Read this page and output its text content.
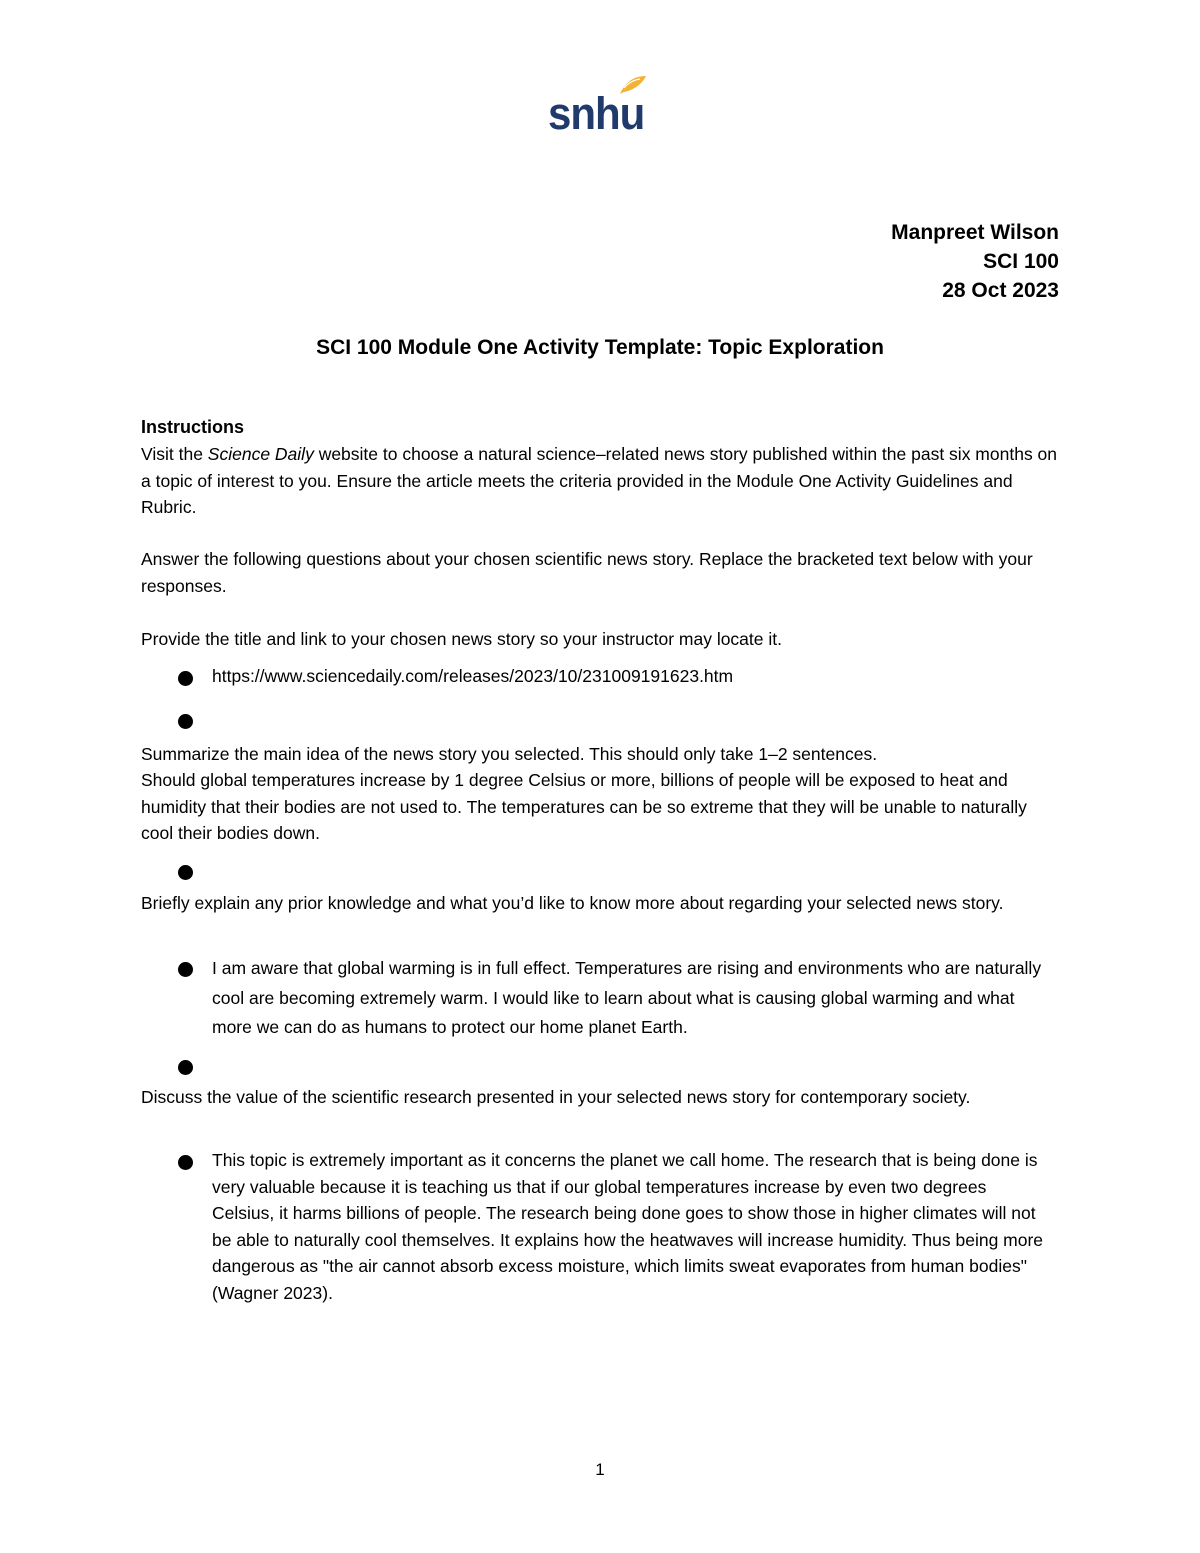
snhu
Manpreet Wilson
SCI 100
28 Oct 2023
SCI 100 Module One Activity Template: Topic Exploration
Instructions
Visit the Science Daily website to choose a natural science–related news story published within the past six months on a topic of interest to you. Ensure the article meets the criteria provided in the Module One Activity Guidelines and Rubric.
Answer the following questions about your chosen scientific news story. Replace the bracketed text below with your responses.
Provide the title and link to your chosen news story so your instructor may locate it.
https://www.sciencedaily.com/releases/2023/10/231009191623.htm
Summarize the main idea of the news story you selected. This should only take 1–2 sentences.
Should global temperatures increase by 1 degree Celsius or more, billions of people will be exposed to heat and humidity that their bodies are not used to. The temperatures can be so extreme that they will be unable to naturally cool their bodies down.
Briefly explain any prior knowledge and what you’d like to know more about regarding your selected news story.
I am aware that global warming is in full effect. Temperatures are rising and environments who are naturally cool are becoming extremely warm. I would like to learn about what is causing global warming and what more we can do as humans to protect our home planet Earth.
Discuss the value of the scientific research presented in your selected news story for contemporary society.
This topic is extremely important as it concerns the planet we call home. The research that is being done is very valuable because it is teaching us that if our global temperatures increase by even two degrees Celsius, it harms billions of people. The research being done goes to show those in higher climates will not be able to naturally cool themselves. It explains how the heatwaves will increase humidity. Thus being more dangerous as "the air cannot absorb excess moisture, which limits sweat evaporates from human bodies" (Wagner 2023).
1
